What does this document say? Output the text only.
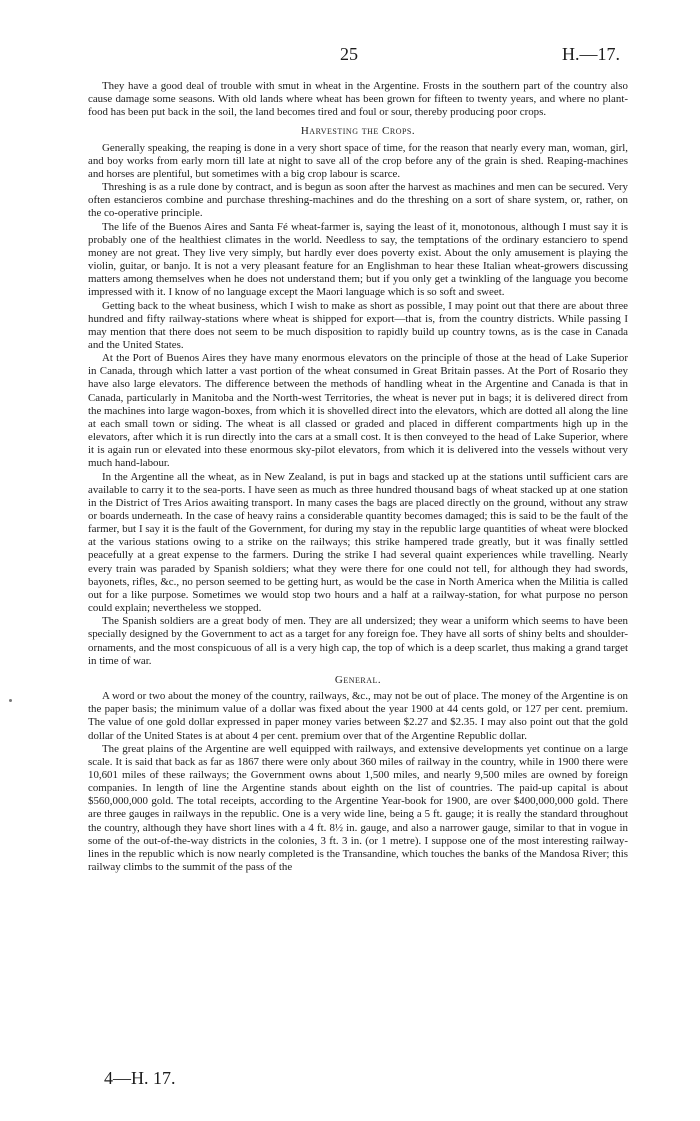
25	H.—17.

They have a good deal of trouble with smut in wheat in the Argentine. Frosts in the southern part of the country also cause damage some seasons. With old lands where wheat has been grown for fifteen to twenty years, and where no plant-food has been put back in the soil, the land becomes tired and foul or sour, thereby producing poor crops.

Harvesting the Crops.

Generally speaking, the reaping is done in a very short space of time, for the reason that nearly every man, woman, girl, and boy works from early morn till late at night to save all of the crop before any of the grain is shed. Reaping-machines and horses are plentiful, but sometimes with a big crop labour is scarce.

Threshing is as a rule done by contract, and is begun as soon after the harvest as machines and men can be secured. Very often estancieros combine and purchase threshing-machines and do the threshing on a sort of share system, or, rather, on the co-operative principle.

The life of the Buenos Aires and Santa Fé wheat-farmer is, saying the least of it, monotonous, although I must say it is probably one of the healthiest climates in the world. Needless to say, the temptations of the ordinary estanciero to spend money are not great. They live very simply, but hardly ever does poverty exist. About the only amusement is playing the violin, guitar, or banjo. It is not a very pleasant feature for an Englishman to hear these Italian wheat-growers discussing matters among themselves when he does not understand them; but if you only get a twinkling of the language you become impressed with it. I know of no language except the Maori language which is so soft and sweet.

Getting back to the wheat business, which I wish to make as short as possible, I may point out that there are about three hundred and fifty railway-stations where wheat is shipped for export—that is, from the country districts. While passing I may mention that there does not seem to be much disposition to rapidly build up country towns, as is the case in Canada and the United States.

At the Port of Buenos Aires they have many enormous elevators on the principle of those at the head of Lake Superior in Canada, through which latter a vast portion of the wheat consumed in Great Britain passes. At the Port of Rosario they have also large elevators. The difference between the methods of handling wheat in the Argentine and Canada is that in Canada, particularly in Manitoba and the North-west Territories, the wheat is never put in bags; it is delivered direct from the machines into large wagon-boxes, from which it is shovelled direct into the elevators, which are dotted all along the line at each small town or siding. The wheat is all classed or graded and placed in different compartments high up in the elevators, after which it is run directly into the cars at a small cost. It is then conveyed to the head of Lake Superior, where it is again run or elevated into these enormous sky-pilot elevators, from which it is delivered into the vessels without very much hand-labour.

In the Argentine all the wheat, as in New Zealand, is put in bags and stacked up at the stations until sufficient cars are available to carry it to the sea-ports. I have seen as much as three hundred thousand bags of wheat stacked up at one station in the District of Tres Arios awaiting transport. In many cases the bags are placed directly on the ground, without any straw or boards underneath. In the case of heavy rains a considerable quantity becomes damaged; this is said to be the fault of the farmer, but I say it is the fault of the Government, for during my stay in the republic large quantities of wheat were blocked at the various stations owing to a strike on the railways; this strike hampered trade greatly, but it was finally settled peacefully at a great expense to the farmers. During the strike I had several quaint experiences while travelling. Nearly every train was paraded by Spanish soldiers; what they were there for one could not tell, for although they had swords, bayonets, rifles, &c., no person seemed to be getting hurt, as would be the case in North America when the Militia is called out for a like purpose. Sometimes we would stop two hours and a half at a railway-station, for what purpose no person could explain; nevertheless we stopped.

The Spanish soldiers are a great body of men. They are all undersized; they wear a uniform which seems to have been specially designed by the Government to act as a target for any foreign foe. They have all sorts of shiny belts and shoulder-ornaments, and the most conspicuous of all is a very high cap, the top of which is a deep scarlet, thus making a grand target in time of war.

General.

A word or two about the money of the country, railways, &c., may not be out of place. The money of the Argentine is on the paper basis; the minimum value of a dollar was fixed about the year 1900 at 44 cents gold, or 127 per cent. premium. The value of one gold dollar expressed in paper money varies between $2.27 and $2.35. I may also point out that the gold dollar of the United States is at about 4 per cent. premium over that of the Argentine Republic dollar.

The great plains of the Argentine are well equipped with railways, and extensive developments yet continue on a large scale. It is said that back as far as 1867 there were only about 360 miles of railway in the country, while in 1900 there were 10,601 miles of these railways; the Government owns about 1,500 miles, and nearly 9,500 miles are owned by foreign companies. In length of line the Argentine stands about eighth on the list of countries. The paid-up capital is about $560,000,000 gold. The total receipts, according to the Argentine Year-book for 1900, are over $400,000,000 gold. There are three gauges in railways in the republic. One is a very wide line, being a 5 ft. gauge; it is really the standard throughout the country, although they have short lines with a 4 ft. 8½ in. gauge, and also a narrower gauge, similar to that in vogue in some of the out-of-the-way districts in the colonies, 3 ft. 3 in. (or 1 metre). I suppose one of the most interesting railway-lines in the republic which is now nearly completed is the Transandine, which touches the banks of the Mandosa River; this railway climbs to the summit of the pass of the

4—H. 17.
